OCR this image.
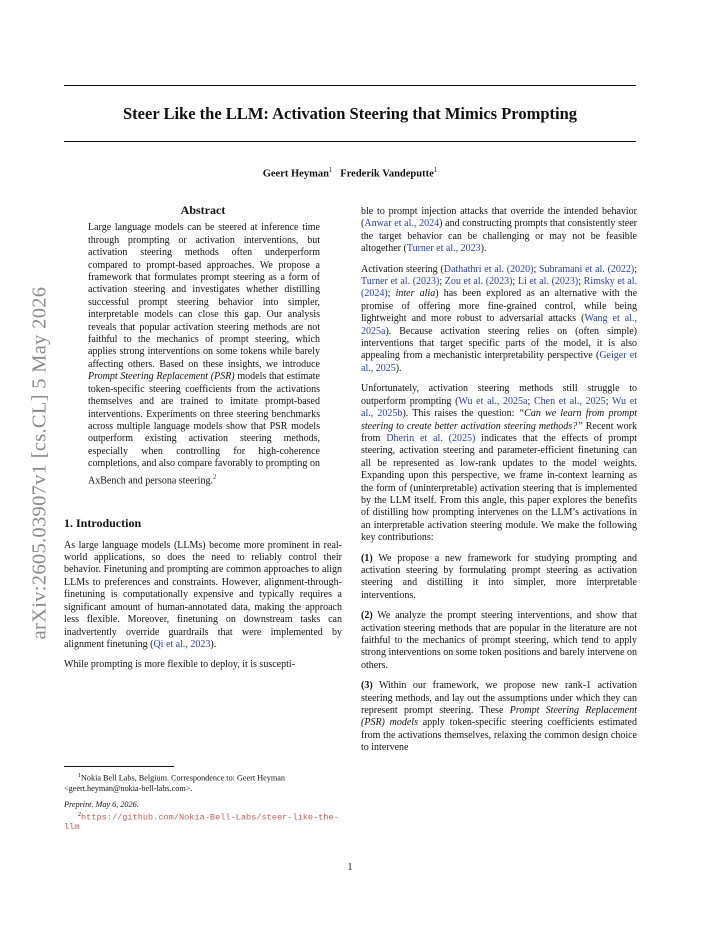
Steer Like the LLM: Activation Steering that Mimics Prompting
Geert Heyman$^1$ Frederik Vandeputte$^1$
arXiv:2605.03907v1 [cs.CL] 5 May 2026
Abstract
Large language models can be steered at inference time through prompting or activation interventions, but activation steering methods often underperform compared to prompt-based approaches. We propose a framework that formulates prompt steering as a form of activation steering and investigates whether distilling successful prompt steering behavior into simpler, interpretable models can close this gap. Our analysis reveals that popular activation steering methods are not faithful to the mechanics of prompt steering, which applies strong interventions on some tokens while barely affecting others. Based on these insights, we introduce Prompt Steering Replacement (PSR) models that estimate token-specific steering coefficients from the activations themselves and are trained to imitate prompt-based interventions. Experiments on three steering benchmarks across multiple language models show that PSR models outperform existing activation steering methods, especially when controlling for high-coherence completions, and also compare favorably to prompting on AxBench and persona steering.$^2$
1. Introduction

As large language models (LLMs) become more prominent in real-world applications, so does the need to reliably control their behavior. Finetuning and prompting are common approaches to align LLMs to preferences and constraints. However, alignment-through-finetuning is computationally expensive and typically requires a significant amount of human-annotated data, making the approach less flexible. Moreover, finetuning on downstream tasks can inadvertently override guardrails that were implemented by alignment finetuning (Qi et al., 2023).

While prompting is more flexible to deploy, it is suscepti-

$^1$Nokia Bell Labs, Belgium. Correspondence to: Geert Heyman <geert.heyman@nokia-bell-labs.com>.
Preprint. May 6, 2026.
$^2$https://github.com/Nokia-Bell-Labs/steer-like-the-llm

ble to prompt injection attacks that override the intended behavior (Anwar et al., 2024) and constructing prompts that consistently steer the target behavior can be challenging or may not be feasible altogether (Turner et al., 2023).

Activation steering (Dathathri et al. (2020); Subramani et al. (2022); Turner et al. (2023); Zou et al. (2023); Li et al. (2023); Rimsky et al. (2024); inter alia) has been explored as an alternative with the promise of offering more fine-grained control, while being lightweight and more robust to adversarial attacks (Wang et al., 2025a). Because activation steering relies on (often simple) interventions that target specific parts of the model, it is also appealing from a mechanistic interpretability perspective (Geiger et al., 2025).

Unfortunately, activation steering methods still struggle to outperform prompting (Wu et al., 2025a; Chen et al., 2025; Wu et al., 2025b). This raises the question: “Can we learn from prompt steering to create better activation steering methods?” Recent work from Dherin et al. (2025) indicates that the effects of prompt steering, activation steering and parameter-efficient finetuning can all be represented as low-rank updates to the model weights. Expanding upon this perspective, we frame in-context learning as the form of (uninterpretable) activation steering that is implemented by the LLM itself. From this angle, this paper explores the benefits of distilling how prompting intervenes on the LLM’s activations in an interpretable activation steering module. We make the following key contributions:

(1) We propose a new framework for studying prompting and activation steering by formulating prompt steering as activation steering and distilling it into simpler, more interpretable interventions.

(2) We analyze the prompt steering interventions, and show that activation steering methods that are popular in the literature are not faithful to the mechanics of prompt steering, which tend to apply strong interventions on some token positions and barely intervene on others.

(3) Within our framework, we propose new rank-1 activation steering methods, and lay out the assumptions under which they can represent prompt steering. These Prompt Steering Replacement (PSR) models apply token-specific steering coefficients estimated from the activations themselves, relaxing the common design choice to intervene

1
